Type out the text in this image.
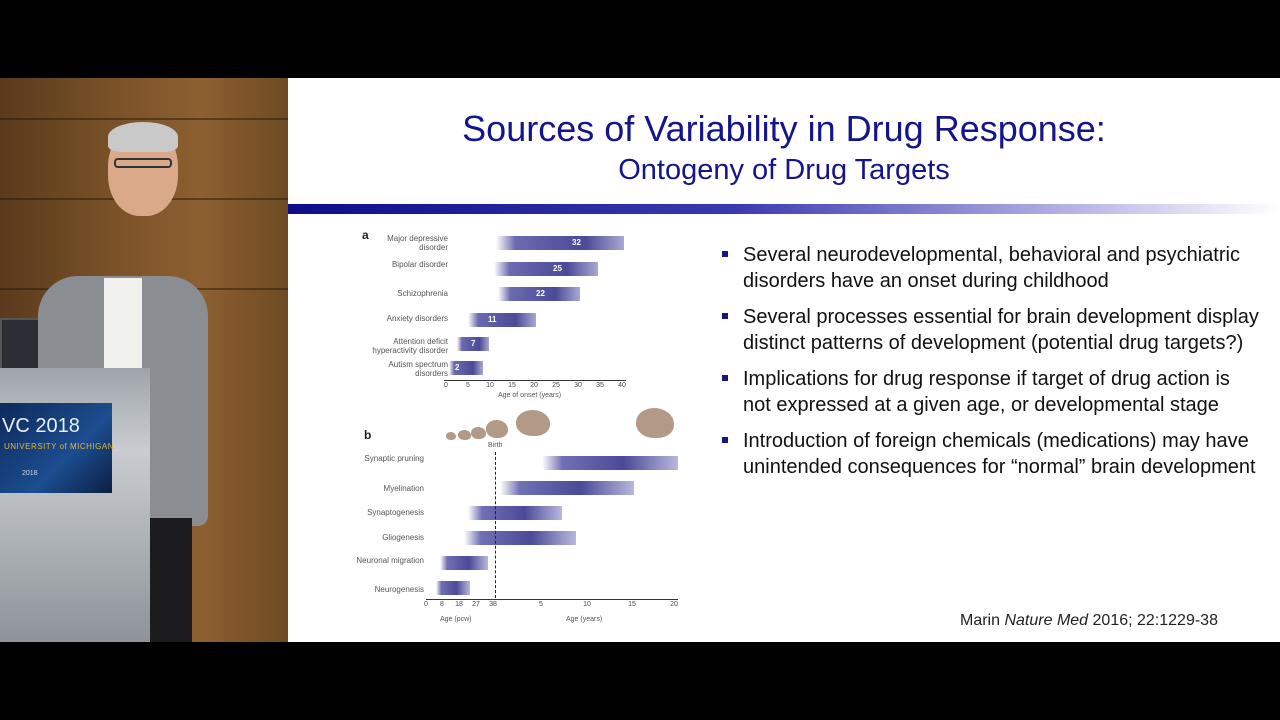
VC 2018
UNIVERSITY of MICHIGAN
2018
Sources of Variability in Drug Response:
Ontogeny of Drug Targets
a	Major depressive disorder
32
Bipolar disorder	25
Schizophrenia	22
Anxiety disorders	11
Attention deficit hyperactivity disorder
7
Autism spectrum disorders
2
0	5	10	15	20	25	30	35	40
Age of onset (years)
b
Birth
Synaptic pruning
Myelination
Synaptogenesis
Gliogenesis
Neuronal migration
Neurogenesis
0	8	18	27	38	5	10	15	20
Age (pcw)	Age (years)
Several neurodevelopmental, behavioral and psychiatric disorders have an onset during childhood
Several processes essential for brain development display distinct patterns of development (potential drug targets?)
Implications for drug response if target of drug action is not expressed at a given age, or developmental stage
Introduction of foreign chemicals (medications) may have unintended consequences for “normal” brain development
Marin Nature Med 2016; 22:1229-38
